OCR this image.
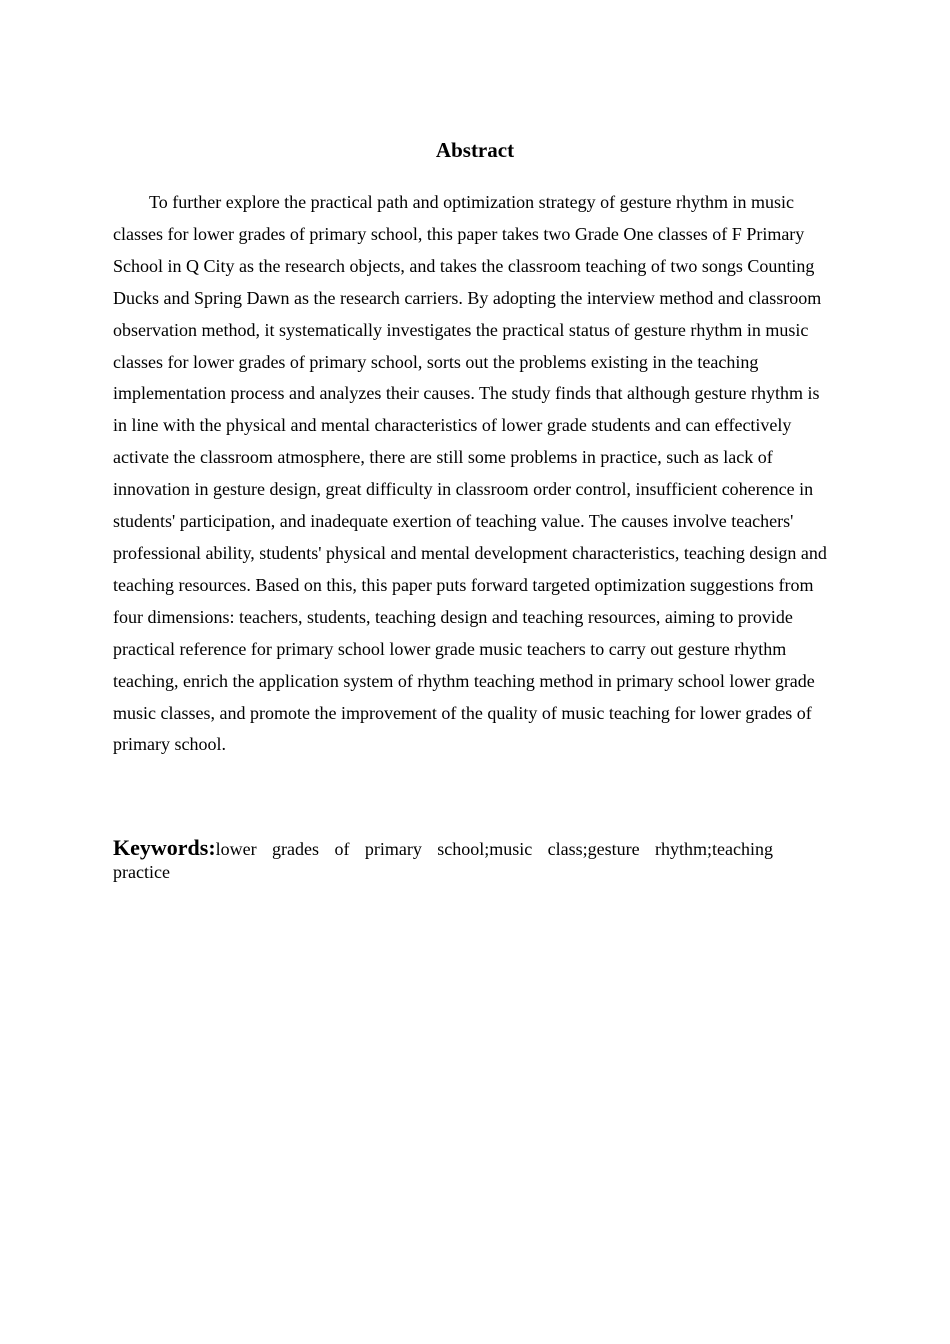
Abstract

To further explore the practical path and optimization strategy of gesture rhythm in music classes for lower grades of primary school, this paper takes two Grade One classes of F Primary School in Q City as the research objects, and takes the classroom teaching of two songs Counting Ducks and Spring Dawn as the research carriers. By adopting the interview method and classroom observation method, it systematically investigates the practical status of gesture rhythm in music classes for lower grades of primary school, sorts out the problems existing in the teaching implementation process and analyzes their causes. The study finds that although gesture rhythm is in line with the physical and mental characteristics of lower grade students and can effectively activate the classroom atmosphere, there are still some problems in practice, such as lack of innovation in gesture design, great difficulty in classroom order control, insufficient coherence in students' participation, and inadequate exertion of teaching value. The causes involve teachers' professional ability, students' physical and mental development characteristics, teaching design and teaching resources. Based on this, this paper puts forward targeted optimization suggestions from four dimensions: teachers, students, teaching design and teaching resources, aiming to provide practical reference for primary school lower grade music teachers to carry out gesture rhythm teaching, enrich the application system of rhythm teaching method in primary school lower grade music classes, and promote the improvement of the quality of music teaching for lower grades of primary school.

Keywords:lower grades of primary school;music class;gesture rhythm;teaching practice
